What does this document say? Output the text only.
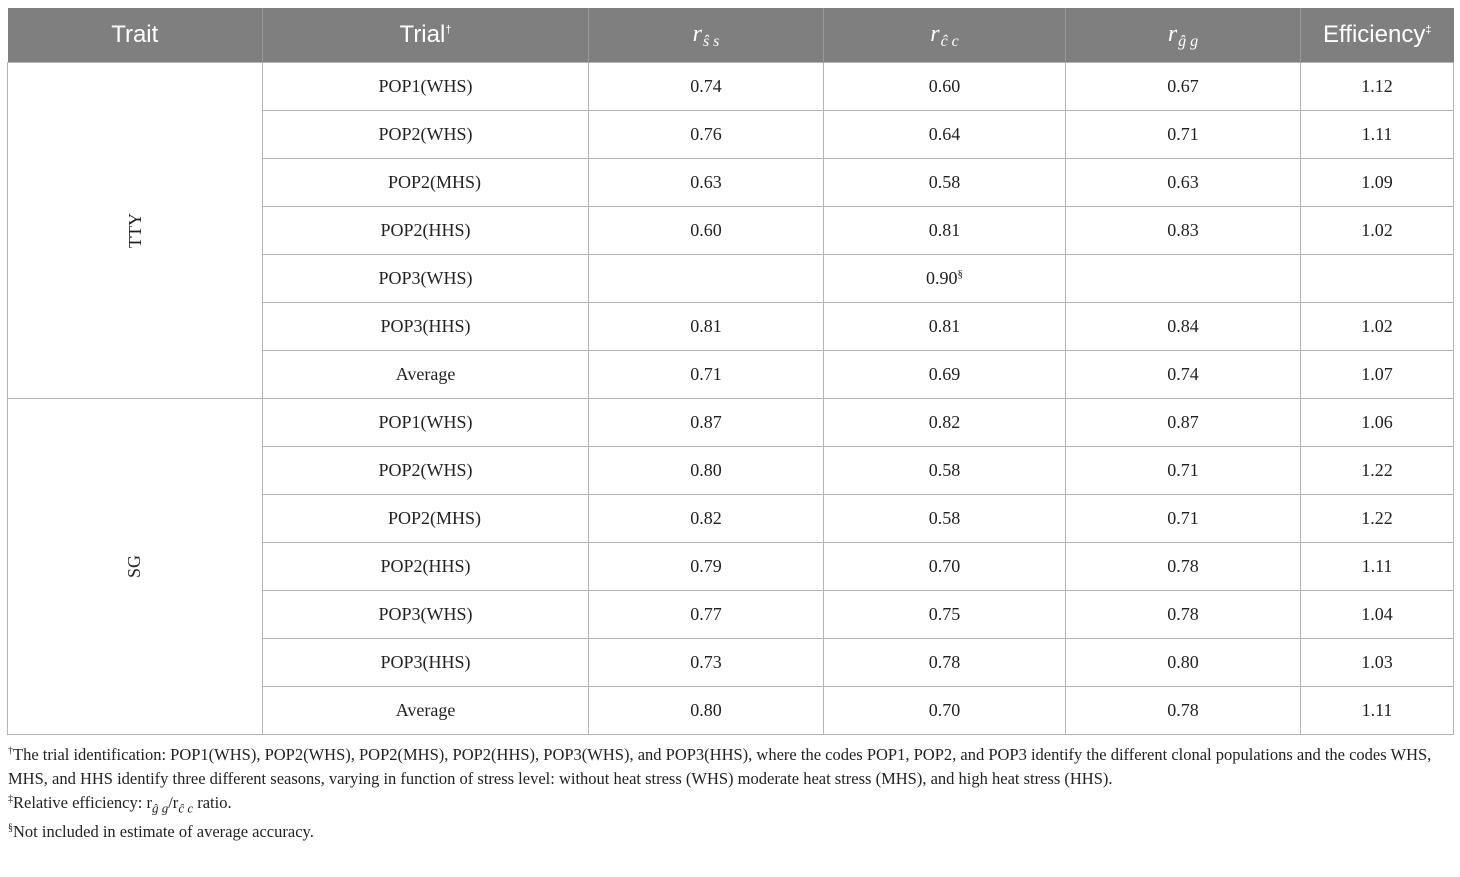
Trait	Trial†	$r_{ŝ s}$	$r_{ĉ c}$	$r_{ĝ g}$	Efficiency‡
TTY	POP1(WHS)	0.74	0.60	0.67	1.12
	POP2(WHS)	0.76	0.64	0.71	1.11
	POP2(MHS)	0.63	0.58	0.63	1.09
	POP2(HHS)	0.60	0.81	0.83	1.02
	POP3(WHS)		0.90§		
	POP3(HHS)	0.81	0.81	0.84	1.02
	Average	0.71	0.69	0.74	1.07
SG	POP1(WHS)	0.87	0.82	0.87	1.06
	POP2(WHS)	0.80	0.58	0.71	1.22
	POP2(MHS)	0.82	0.58	0.71	1.22
	POP2(HHS)	0.79	0.70	0.78	1.11
	POP3(WHS)	0.77	0.75	0.78	1.04
	POP3(HHS)	0.73	0.78	0.80	1.03
	Average	0.80	0.70	0.78	1.11

†The trial identification: POP1(WHS), POP2(WHS), POP2(MHS), POP2(HHS), POP3(WHS), and POP3(HHS), where the codes POP1, POP2, and POP3 identify the different clonal populations and the codes WHS, MHS, and HHS identify three different seasons, varying in function of stress level: without heat stress (WHS) moderate heat stress (MHS), and high heat stress (HHS).

‡Relative efficiency: $r_{ĝ g}/r_{ĉ c}$ ratio.

§Not included in estimate of average accuracy.
